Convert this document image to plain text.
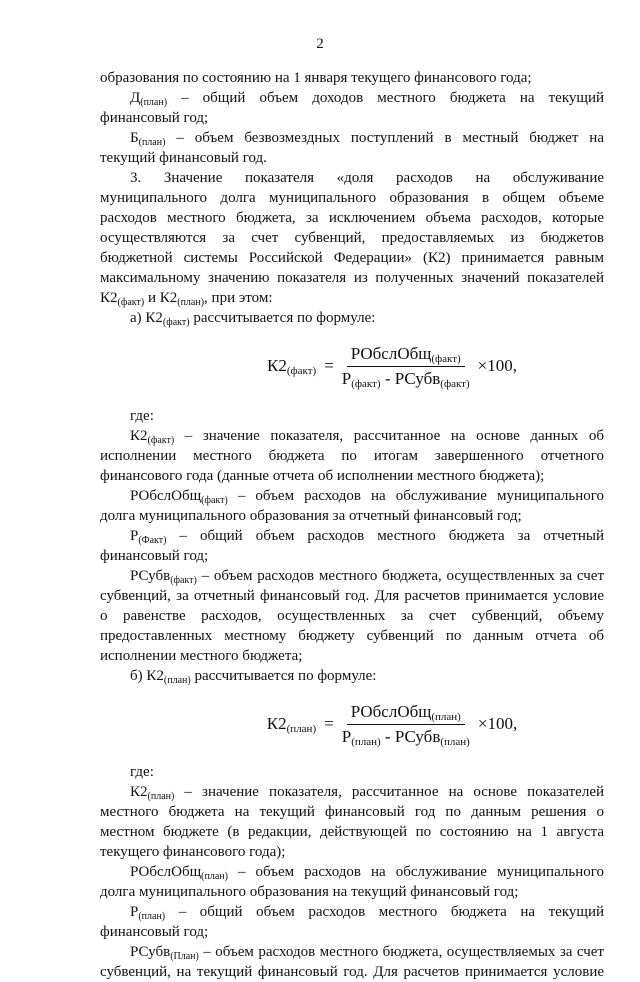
2

образования по состоянию на 1 января текущего финансового года;

$Д_{(план)}$ – общий объем доходов местного бюджета на текущий

финансовый год;

$Б_{(план)}$ – объем безвозмездных поступлений в местный бюджет на

текущий финансовый год.

3. Значение показателя «доля расходов на обслуживание

муниципального долга муниципального образования в общем объеме

расходов местного бюджета, за исключением объема расходов, которые

осуществляются за счет субвенций, предоставляемых из бюджетов

бюджетной системы Российской Федерации» (К2) принимается равным

максимальному значению показателя из полученных значений показателей

$К2_{(факт)}$ и $К2_{(план)}$, при этом:

а) $К2_{(факт)}$ рассчитывается по формуле:

$К2_{(факт)} = \frac{РОбслОбщ_{(факт)}}{Р_{(факт)} - РСубв_{(факт)}} \times 100$,

где:

$К2_{(факт)}$ – значение показателя, рассчитанное на основе данных об

исполнении местного бюджета по итогам завершенного отчетного

финансового года (данные отчета об исполнении местного бюджета);

РОбслОбщ$_{(факт)}$ – объем расходов на обслуживание муниципального

долга муниципального образования за отчетный финансовый год;

$Р_{(Факт)}$ – общий объем расходов местного бюджета за отчетный

финансовый год;

РСубв$_{(факт)}$ – объем расходов местного бюджета, осуществленных за счет

субвенций, за отчетный финансовый год. Для расчетов принимается условие

о равенстве расходов, осуществленных за счет субвенций, объему

предоставленных местному бюджету субвенций по данным отчета об

исполнении местного бюджета;

б) $К2_{(план)}$ рассчитывается по формуле:

$К2_{(план)} = \frac{РОбслОбщ_{(план)}}{Р_{(план)} - РСубв_{(план)}} \times 100$,

где:

$К2_{(план)}$ – значение показателя, рассчитанное на основе показателей

местного бюджета на текущий финансовый год по данным решения о

местном бюджете (в редакции, действующей по состоянию на 1 августа

текущего финансового года);

РОбслОбщ$_{(план)}$ – объем расходов на обслуживание муниципального

долга муниципального образования на текущий финансовый год;

$Р_{(план)}$ – общий объем расходов местного бюджета на текущий

финансовый год;

РСубв$_{(План)}$ – объем расходов местного бюджета, осуществляемых за счет

субвенций, на текущий финансовый год. Для расчетов принимается условие
